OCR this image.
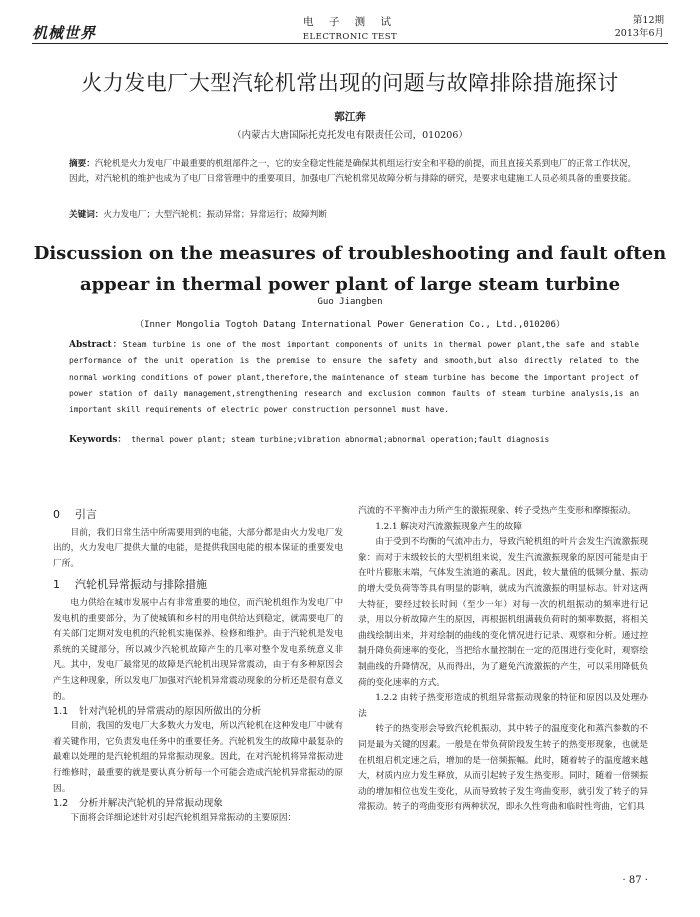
机械世界
电 子 测 试
ELECTRONIC TEST
第12期
2013年6月
火力发电厂大型汽轮机常出现的问题与故障排除措施探讨
郭江奔
（内蒙古大唐国际托克托发电有限责任公司，010206）
摘要：汽轮机是火力发电厂中最重要的机组部件之一，它的安全稳定性能是确保其机组运行安全和平稳的前提，而且直接关系到电厂的正常工作状况，因此，对汽轮机的维护也成为了电厂日常管理中的重要项目，加强电厂汽轮机常见故障分析与排除的研究，是要求电建施工人员必须具备的重要技能。
关键词：火力发电厂；大型汽轮机；振动异常；异常运行；故障判断
Discussion on the measures of troubleshooting and fault often
appear in thermal power plant of large steam turbine
Guo Jiangben
（Inner Mongolia Togtoh Datang International Power Generation Co., Ltd.,010206）
Abstract：Steam turbine is one of the most important components of units in thermal power plant,the safe and stable performance of the unit operation is the premise to ensure the safety and smooth,but also directly related to the normal working conditions of power plant,therefore,the maintenance of steam turbine has become the important project of power station of daily management,strengthening research and exclusion common faults of steam turbine analysis,is an important skill requirements of electric power construction personnel must have.
Keywords： thermal power plant; steam turbine;vibration abnormal;abnormal operation;fault diagnosis
0 引言

目前，我们日常生活中所需要用到的电能，大部分都是由火力发电厂发出的，火力发电厂提供大量的电能，是提供我国电能的根本保证的重要发电厂所。

1 汽轮机异常振动与排除措施

电力供给在城市发展中占有非常重要的地位，而汽轮机组作为发电厂中发电机的重要部分，为了使城镇和乡村的用电供给达到稳定，就需要电厂的有关部门定期对发电机的汽轮机实施保养、检修和维护。由于汽轮机是发电系统的关键部分，所以减少汽轮机故障产生的几率对整个发电系统意义非凡。其中，发电厂最常见的故障是汽轮机出现异常震动，由于有多种原因会产生这种现象，所以发电厂加强对汽轮机异常震动现象的分析还是很有意义的。

1.1 针对汽轮机的异常震动的原因所做出的分析

目前，我国的发电厂大多数火力发电，所以汽轮机在这种发电厂中就有着关键作用，它负责发电任务中的重要任务。汽轮机发生的故障中最复杂的最难以处理的是汽轮机组的异常振动现象。因此，在对汽轮机将异常振动进行维修时，最重要的就是要认真分析每一个可能会造成汽轮机异常振动的原因。

1.2 分析并解决汽轮机的异常振动现象

下面将会详细论述针对引起汽轮机组异常振动的主要原因：

汽流的不平衡冲击力所产生的激振现象、转子受热产生变形和摩擦振动。

1.2.1 解决对汽流激振现象产生的故障

由于受到不均衡的气流冲击力，导致汽轮机组的叶片会发生汽流激振现象：而对于末级较长的大型机组来说，发生汽流激振现象的原因可能是由于在叶片膨胀末端，气体发生流道的紊乱。因此，较大量值的低频分量、振动的增大受负荷等等具有明显的影响，就成为汽流激振的明显标志。针对这两大特征，要经过较长时间（至少一年）对每一次的机组振动的频率进行记录，用以分析故障产生的原因，再根据机组满载负荷时的频率数据，将相关曲线绘制出来，并对绘制的曲线的变化情况进行记录、观察和分析。通过控制升降负荷速率的变化，当把给水量控制在一定的范围进行变化时，观察绘制曲线的升降情况，从而得出，为了避免汽流激振的产生，可以采用降低负荷的变化速率的方式。

1.2.2 由转子热变形造成的机组异常振动现象的特征和原因以及处理办法

转子的热变形会导致汽轮机振动，其中转子的温度变化和蒸汽参数的不同是最为关键的因素。一般是在带负荷阶段发生转子的热变形现象，也就是在机组启机定速之后，增加的是一倍频振幅。此时，随着转子的温度越来越大，材质内应力发生释放，从而引起转子发生热变形。同时，随着一倍频振动的增加相位也发生变化，从而导致转子发生弯曲变形，就引发了转子的异常振动。转子的弯曲变形有两种状况，即永久性弯曲和临时性弯曲，它们具

· 87 ·
